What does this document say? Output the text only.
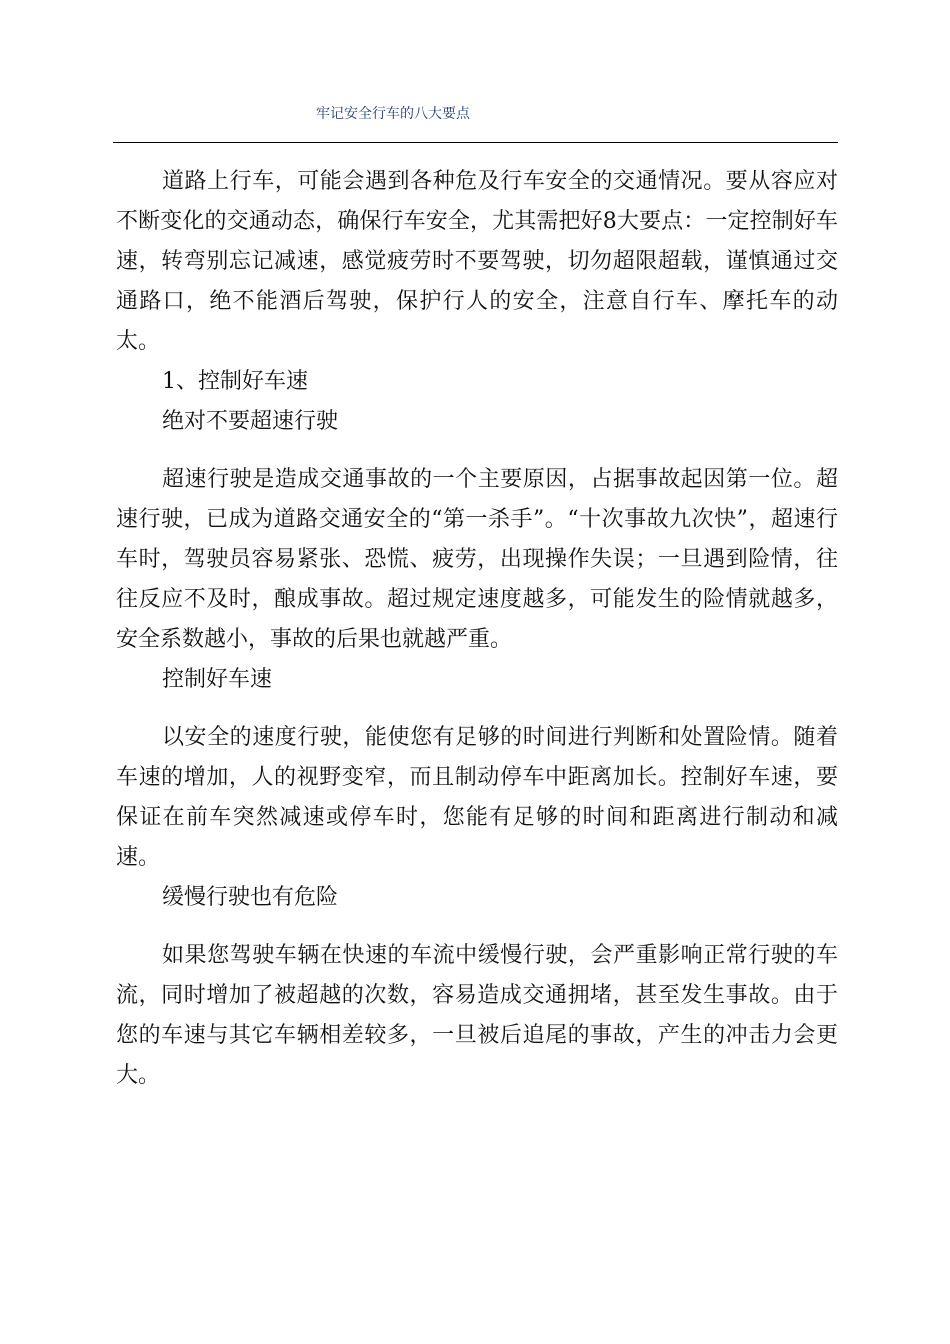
牢记安全行车的八大要点

道路上行车，可能会遇到各种危及行车安全的交通情况。要从容应对不断变化的交通动态，确保行车安全，尤其需把好8大要点：一定控制好车速，转弯别忘记减速，感觉疲劳时不要驾驶，切勿超限超载，谨慎通过交通路口，绝不能酒后驾驶，保护行人的安全，注意自行车、摩托车的动太。

1、控制好车速

绝对不要超速行驶

超速行驶是造成交通事故的一个主要原因，占据事故起因第一位。超速行驶，已成为道路交通安全的“第一杀手”。“十次事故九次快”，超速行车时，驾驶员容易紧张、恐慌、疲劳，出现操作失误；一旦遇到险情，往往反应不及时，酿成事故。超过规定速度越多，可能发生的险情就越多，安全系数越小，事故的后果也就越严重。

控制好车速

以安全的速度行驶，能使您有足够的时间进行判断和处置险情。随着车速的增加，人的视野变窄，而且制动停车中距离加长。控制好车速，要保证在前车突然减速或停车时，您能有足够的时间和距离进行制动和减速。

缓慢行驶也有危险

如果您驾驶车辆在快速的车流中缓慢行驶，会严重影响正常行驶的车流，同时增加了被超越的次数，容易造成交通拥堵，甚至发生事故。由于您的车速与其它车辆相差较多，一旦被后追尾的事故，产生的冲击力会更大。
